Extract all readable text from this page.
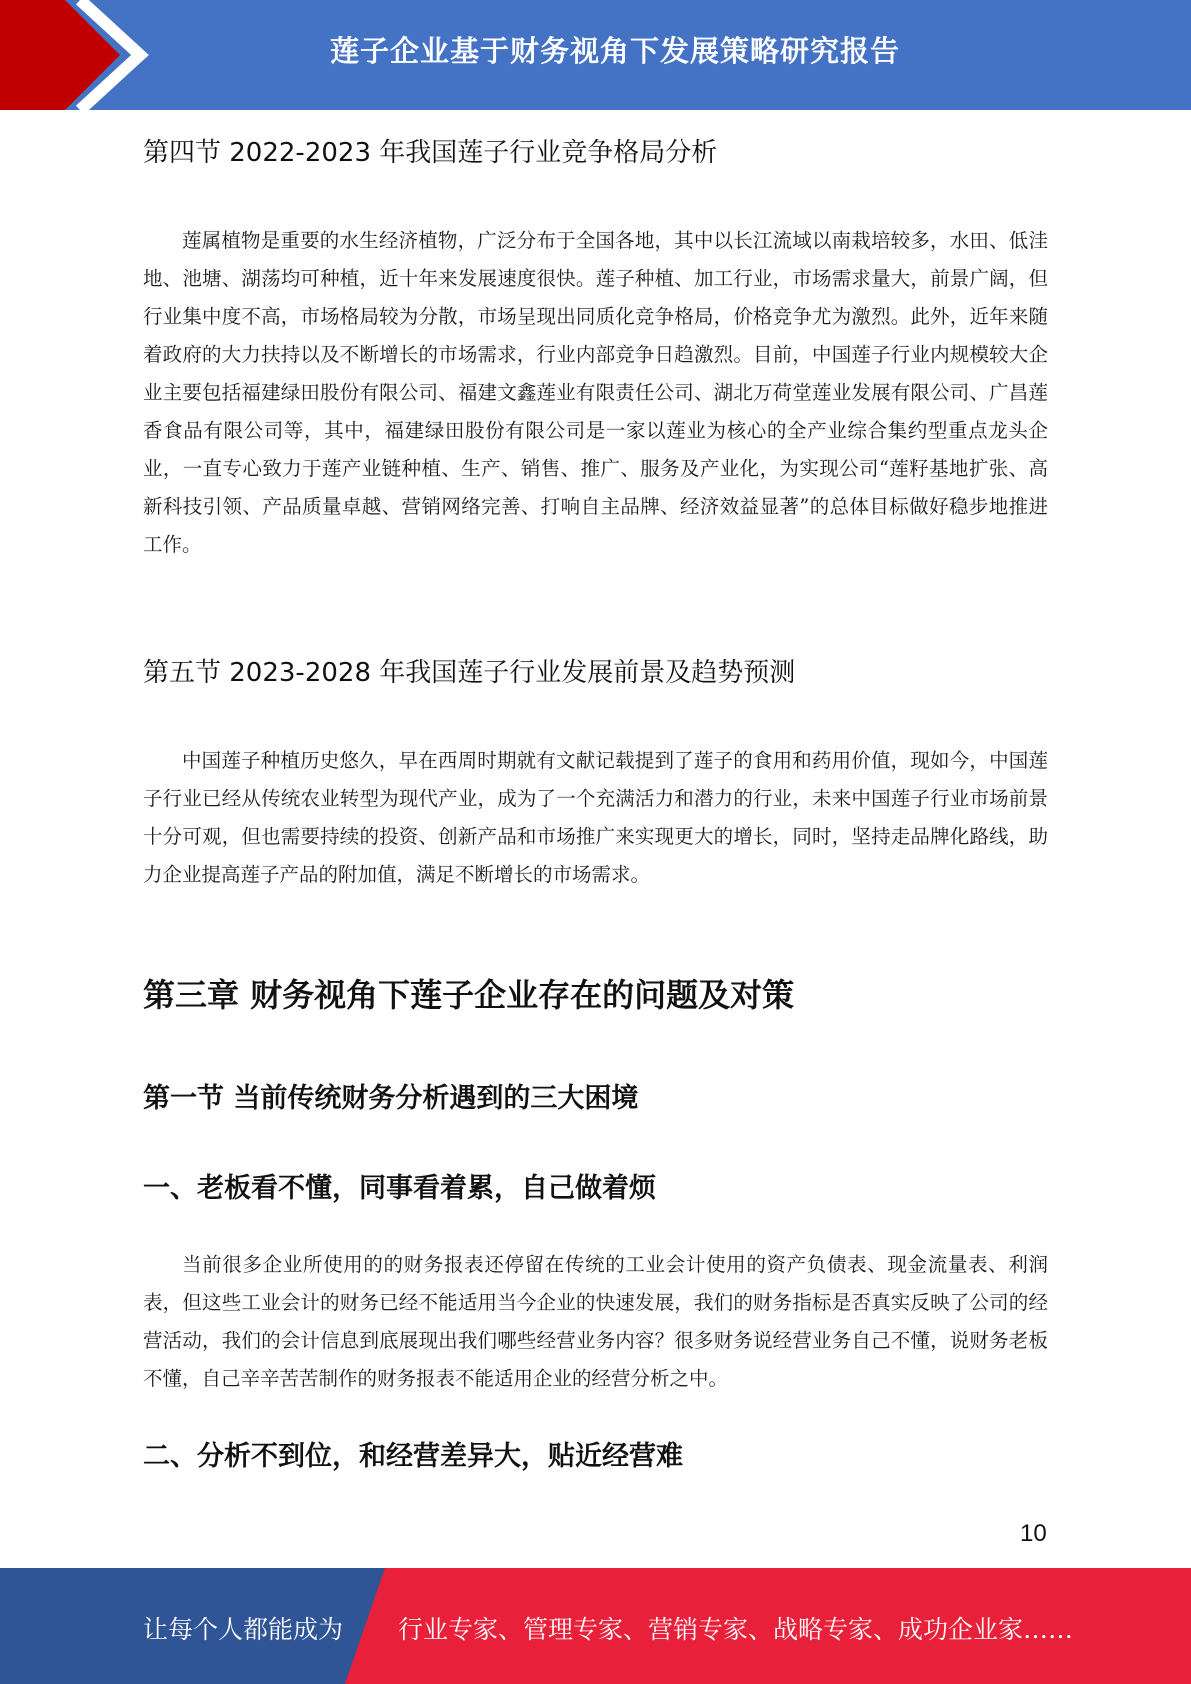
莲子企业基于财务视角下发展策略研究报告
第四节 2022-2023 年我国莲子行业竞争格局分析
莲属植物是重要的水生经济植物，广泛分布于全国各地，其中以长江流域以南栽培较多，水田、低洼地、池塘、湖荡均可种植，近十年来发展速度很快。莲子种植、加工行业，市场需求量大，前景广阔，但行业集中度不高，市场格局较为分散，市场呈现出同质化竞争格局，价格竞争尤为激烈。此外，近年来随着政府的大力扶持以及不断增长的市场需求，行业内部竞争日趋激烈。目前，中国莲子行业内规模较大企业主要包括福建绿田股份有限公司、福建文鑫莲业有限责任公司、湖北万荷堂莲业发展有限公司、广昌莲香食品有限公司等，其中，福建绿田股份有限公司是一家以莲业为核心的全产业综合集约型重点龙头企业，一直专心致力于莲产业链种植、生产、销售、推广、服务及产业化，为实现公司“莲籽基地扩张、高新科技引领、产品质量卓越、营销网络完善、打响自主品牌、经济效益显著”的总体目标做好稳步地推进工作。
第五节 2023-2028 年我国莲子行业发展前景及趋势预测
中国莲子种植历史悠久，早在西周时期就有文献记载提到了莲子的食用和药用价值，现如今，中国莲子行业已经从传统农业转型为现代产业，成为了一个充满活力和潜力的行业，未来中国莲子行业市场前景十分可观，但也需要持续的投资、创新产品和市场推广来实现更大的增长，同时，坚持走品牌化路线，助力企业提高莲子产品的附加值，满足不断增长的市场需求。
第三章 财务视角下莲子企业存在的问题及对策
第一节 当前传统财务分析遇到的三大困境
一、老板看不懂，同事看着累，自己做着烦
当前很多企业所使用的的财务报表还停留在传统的工业会计使用的资产负债表、现金流量表、利润表，但这些工业会计的财务已经不能适用当今企业的快速发展，我们的财务指标是否真实反映了公司的经营活动，我们的会计信息到底展现出我们哪些经营业务内容？很多财务说经营业务自己不懂，说财务老板不懂，自己辛辛苦苦制作的财务报表不能适用企业的经营分析之中。
二、分析不到位，和经营差异大，贴近经营难
10
让每个人都能成为 行业专家、管理专家、营销专家、战略专家、成功企业家……
